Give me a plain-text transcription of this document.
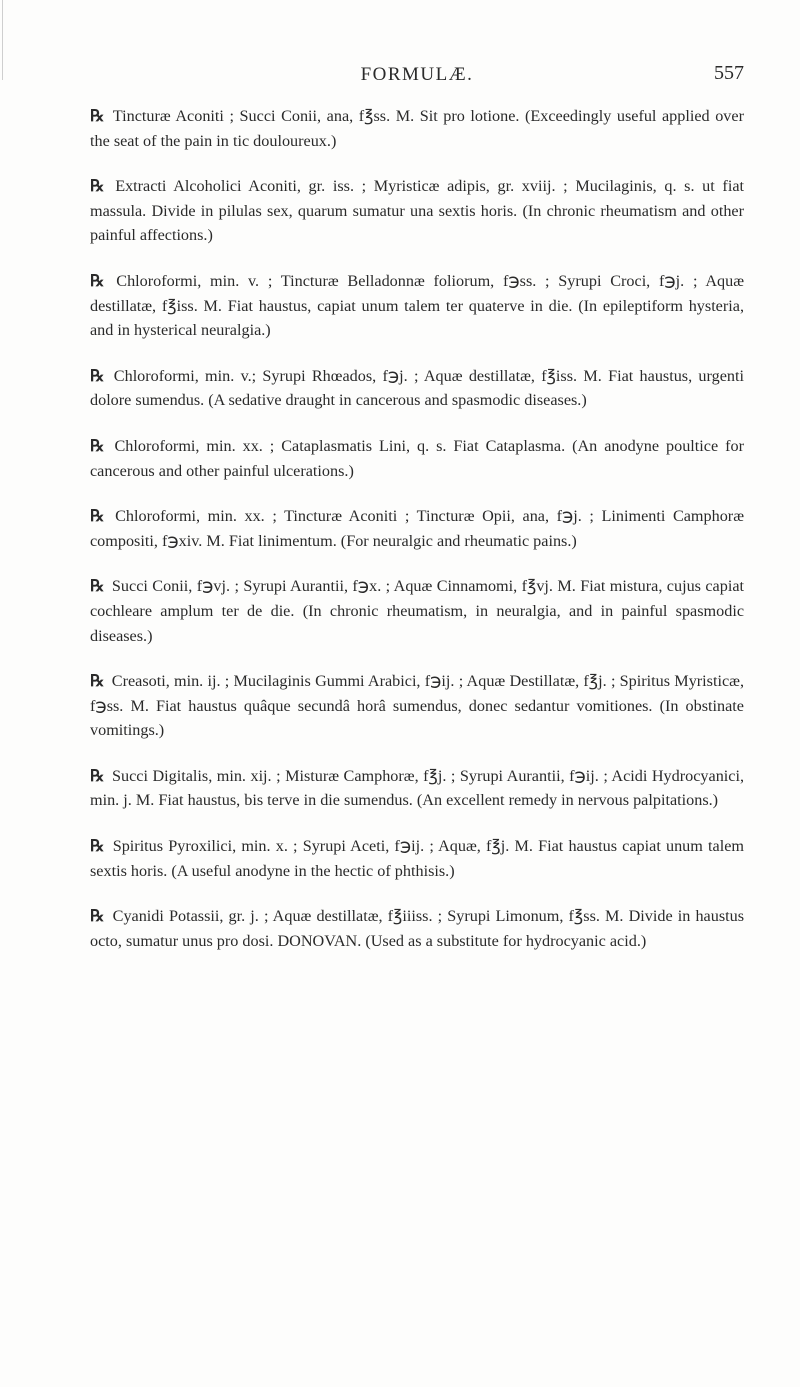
FORMULÆ.	557

℞ Tincturæ Aconiti ; Succi Conii, ana, f℥ss. M. Sit pro lotione. (Exceedingly useful applied over the seat of the pain in tic douloureux.)

℞ Extracti Alcoholici Aconiti, gr. iss. ; Myristicæ adipis, gr. xviij. ; Mucilaginis, q. s. ut fiat massula. Divide in pilulas sex, quarum sumatur una sextis horis. (In chronic rheumatism and other painful affections.)

℞ Chloroformi, min. v. ; Tincturæ Belladonnæ foliorum, f℈ss. ; Syrupi Croci, f℈j. ; Aquæ destillatæ, f℥iss. M. Fiat haustus, capiat unum talem ter quaterve in die. (In epileptiform hysteria, and in hysterical neuralgia.)

℞ Chloroformi, min. v.; Syrupi Rhœados, f℈j. ; Aquæ destillatæ, f℥iss. M. Fiat haustus, urgenti dolore sumendus. (A sedative draught in cancerous and spasmodic diseases.)

℞ Chloroformi, min. xx. ; Cataplasmatis Lini, q. s. Fiat Cataplasma. (An anodyne poultice for cancerous and other painful ulcerations.)

℞ Chloroformi, min. xx. ; Tincturæ Aconiti ; Tincturæ Opii, ana, f℈j. ; Linimenti Camphoræ compositi, f℈xiv. M. Fiat linimentum. (For neuralgic and rheumatic pains.)

℞ Succi Conii, f℈vj. ; Syrupi Aurantii, f℈x. ; Aquæ Cinnamomi, f℥vj. M. Fiat mistura, cujus capiat cochleare amplum ter de die. (In chronic rheumatism, in neuralgia, and in painful spasmodic diseases.)

℞ Creasoti, min. ij. ; Mucilaginis Gummi Arabici, f℈ij. ; Aquæ Destillatæ, f℥j. ; Spiritus Myristicæ, f℈ss. M. Fiat haustus quâque secundâ horâ sumendus, donec sedantur vomitiones. (In obstinate vomitings.)

℞ Succi Digitalis, min. xij. ; Misturæ Camphoræ, f℥j. ; Syrupi Aurantii, f℈ij. ; Acidi Hydrocyanici, min. j. M. Fiat haustus, bis terve in die sumendus. (An excellent remedy in nervous palpitations.)

℞ Spiritus Pyroxilici, min. x. ; Syrupi Aceti, f℈ij. ; Aquæ, f℥j. M. Fiat haustus capiat unum talem sextis horis. (A useful anodyne in the hectic of phthisis.)

℞ Cyanidi Potassii, gr. j. ; Aquæ destillatæ, f℥iiiss. ; Syrupi Limonum, f℥ss. M. Divide in haustus octo, sumatur unus pro dosi. DONOVAN. (Used as a substitute for hydrocyanic acid.)
